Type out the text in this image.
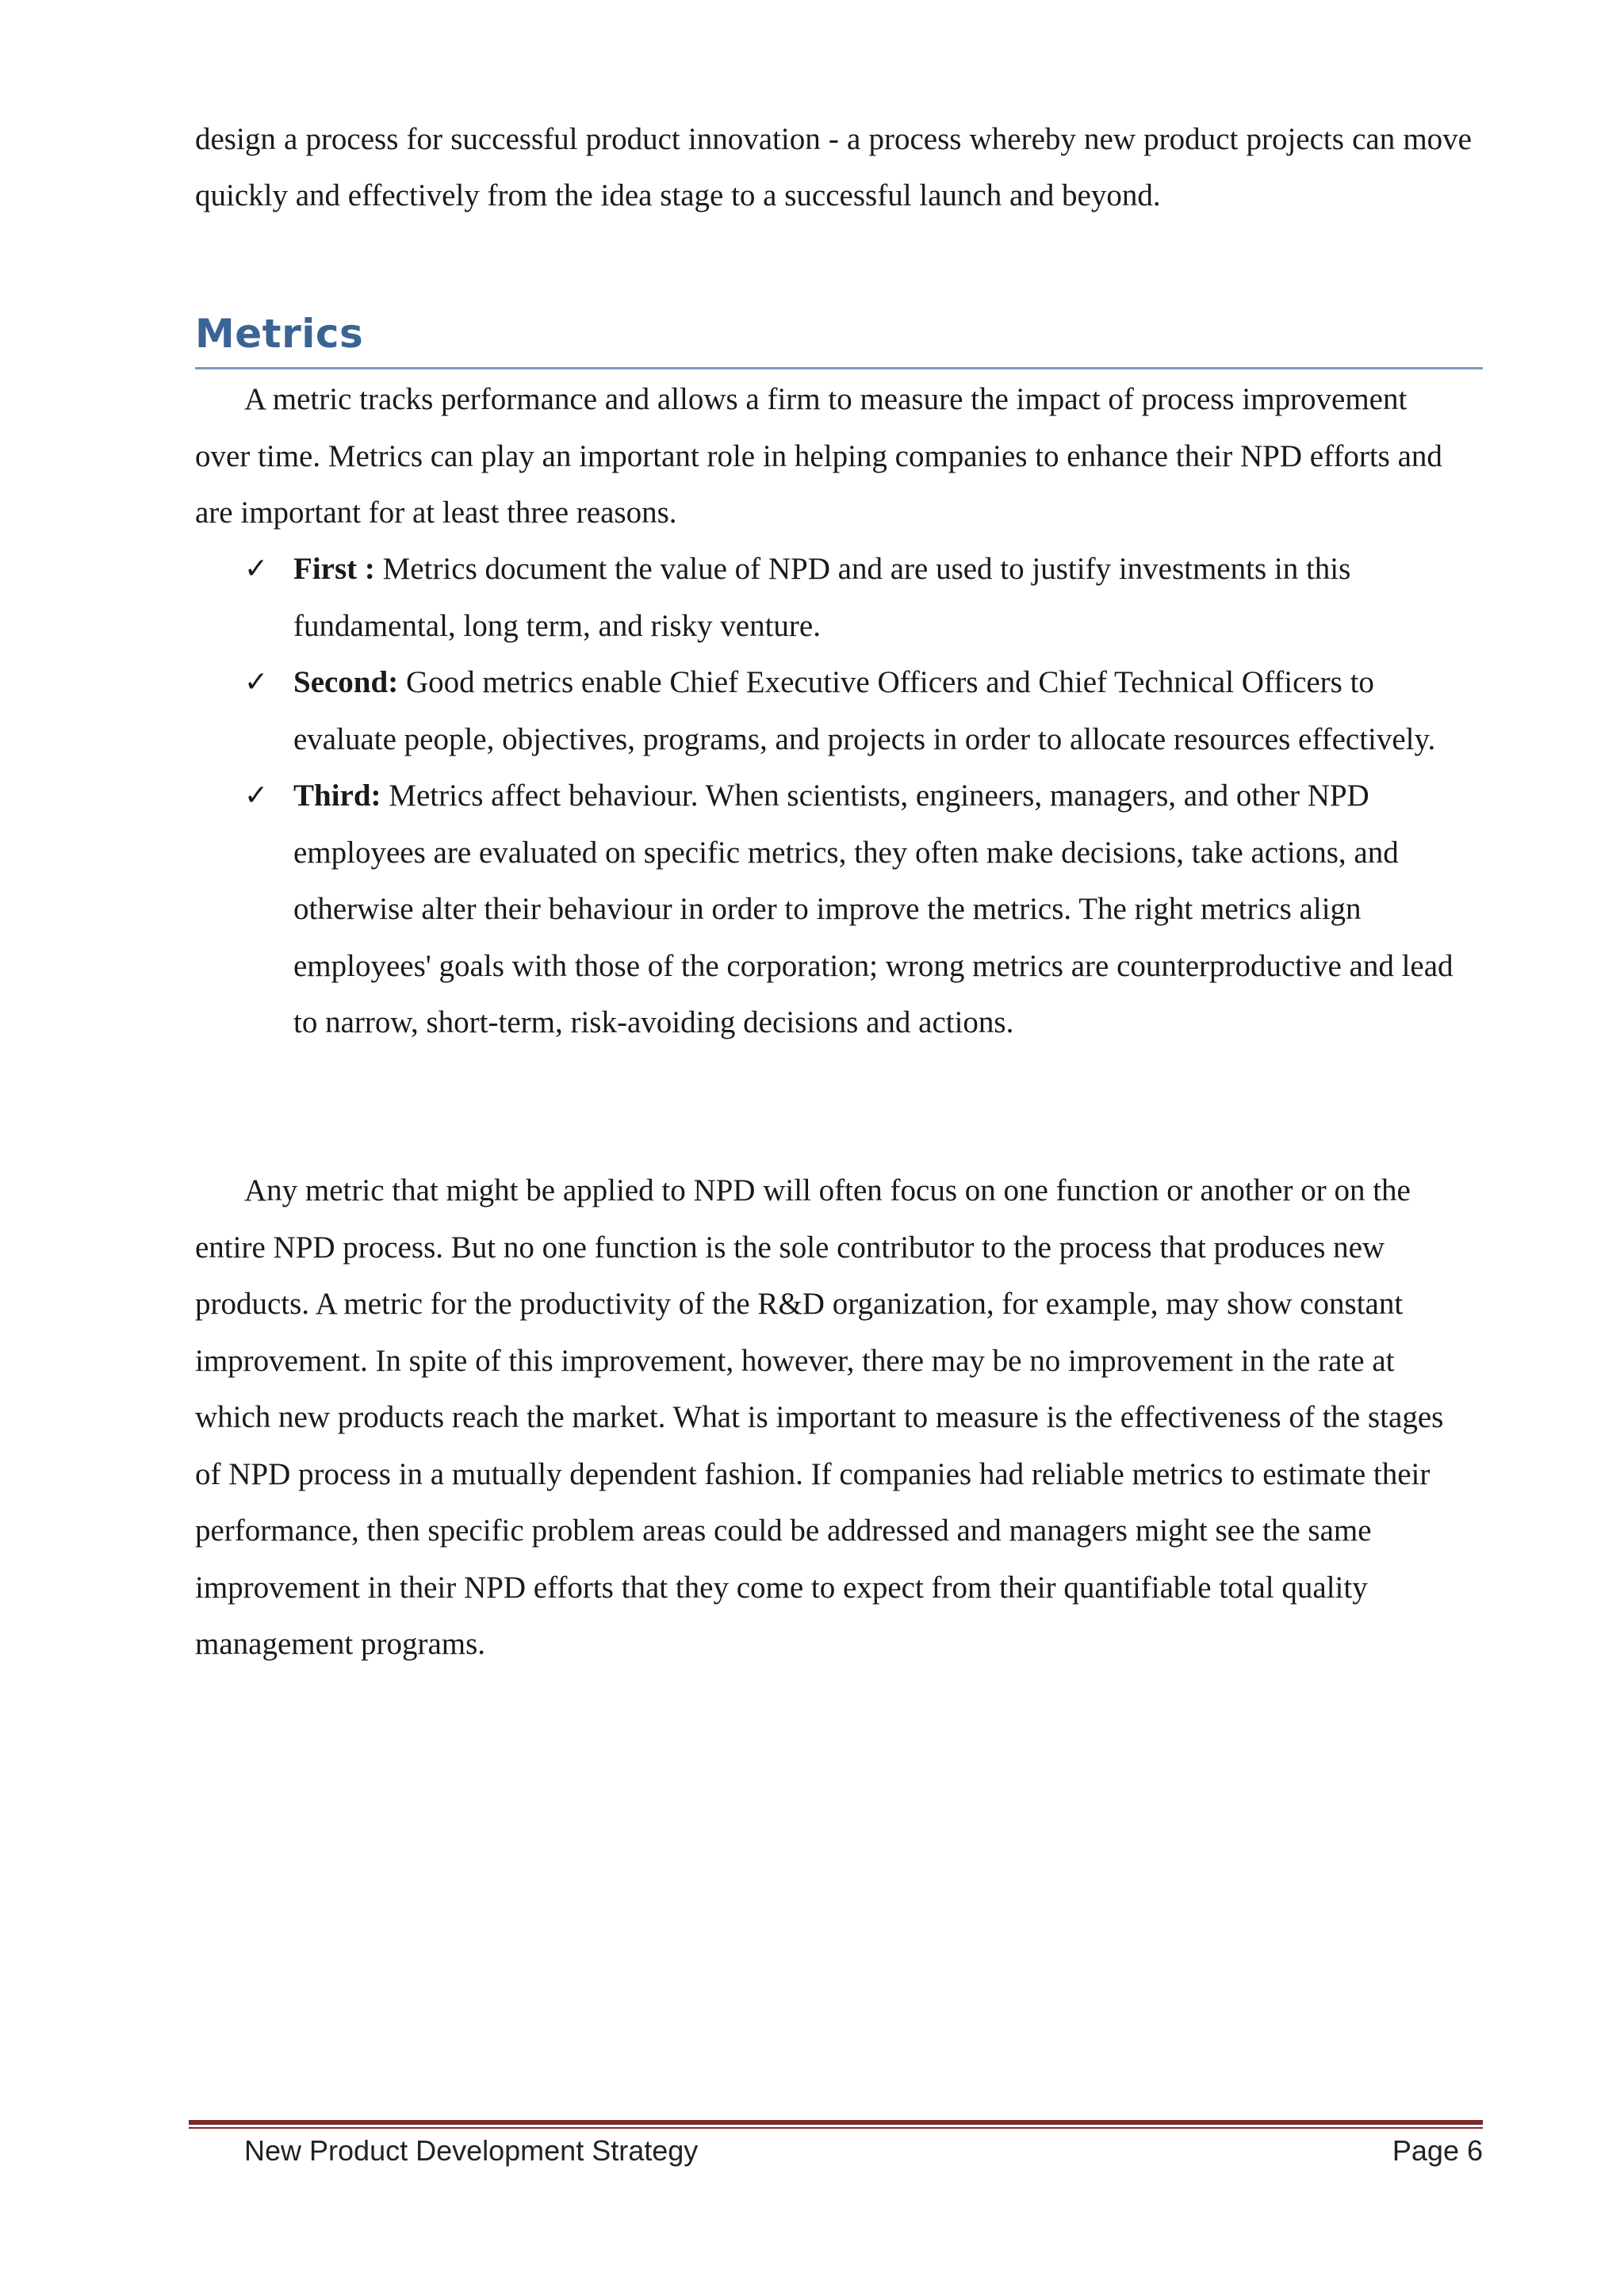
design a process for successful product innovation - a process whereby new product projects can move quickly and effectively from the idea stage to a successful launch and beyond.

Metrics

A metric tracks performance and allows a firm to measure the impact of process improvement over time. Metrics can play an important role in helping companies to enhance their NPD efforts and are important for at least three reasons.

✓ First : Metrics document the value of NPD and are used to justify investments in this fundamental, long term, and risky venture.
✓ Second: Good metrics enable Chief Executive Officers and Chief Technical Officers to evaluate people, objectives, programs, and projects in order to allocate resources effectively.
✓ Third: Metrics affect behaviour. When scientists, engineers, managers, and other NPD employees are evaluated on specific metrics, they often make decisions, take actions, and otherwise alter their behaviour in order to improve the metrics. The right metrics align employees' goals with those of the corporation; wrong metrics are counterproductive and lead to narrow, short-term, risk-avoiding decisions and actions.

Any metric that might be applied to NPD will often focus on one function or another or on the entire NPD process. But no one function is the sole contributor to the process that produces new products. A metric for the productivity of the R&D organization, for example, may show constant improvement. In spite of this improvement, however, there may be no improvement in the rate at which new products reach the market. What is important to measure is the effectiveness of the stages of NPD process in a mutually dependent fashion. If companies had reliable metrics to estimate their performance, then specific problem areas could be addressed and managers might see the same improvement in their NPD efforts that they come to expect from their quantifiable total quality management programs.

New Product Development Strategy	Page 6
